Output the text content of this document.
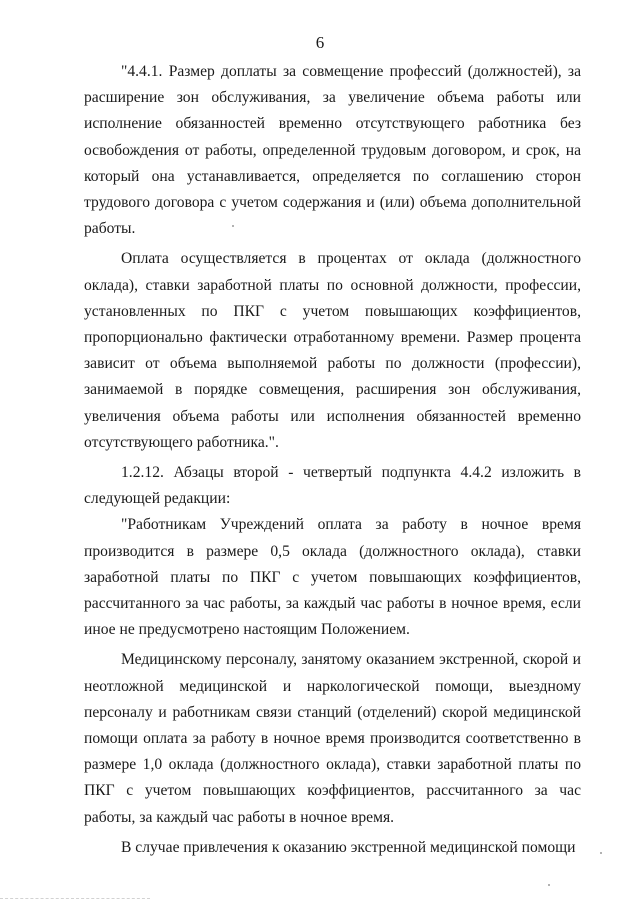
6

"4.4.1. Размер доплаты за совмещение профессий (должностей), за расширение зон обслуживания, за увеличение объема работы или исполнение обязанностей временно отсутствующего работника без освобождения от работы, определенной трудовым договором, и срок, на который она устанавливается, определяется по соглашению сторон трудового договора с учетом содержания и (или) объема дополнительной работы.

Оплата осуществляется в процентах от оклада (должностного оклада), ставки заработной платы по основной должности, профессии, установленных по ПКГ с учетом повышающих коэффициентов, пропорционально фактически отработанному времени. Размер процента зависит от объема выполняемой работы по должности (профессии), занимаемой в порядке совмещения, расширения зон обслуживания, увеличения объема работы или исполнения обязанностей временно отсутствующего работника.".

1.2.12. Абзацы второй - четвертый подпункта 4.4.2 изложить в следующей редакции:

"Работникам Учреждений оплата за работу в ночное время производится в размере 0,5 оклада (должностного оклада), ставки заработной платы по ПКГ с учетом повышающих коэффициентов, рассчитанного за час работы, за каждый час работы в ночное время, если иное не предусмотрено настоящим Положением.

Медицинскому персоналу, занятому оказанием экстренной, скорой и неотложной медицинской и наркологической помощи, выездному персоналу и работникам связи станций (отделений) скорой медицинской помощи оплата за работу в ночное время производится соответственно в размере 1,0 оклада (должностного оклада), ставки заработной платы по ПКГ с учетом повышающих коэффициентов, рассчитанного за час работы, за каждый час работы в ночное время.

В случае привлечения к оказанию экстренной медицинской помощи
